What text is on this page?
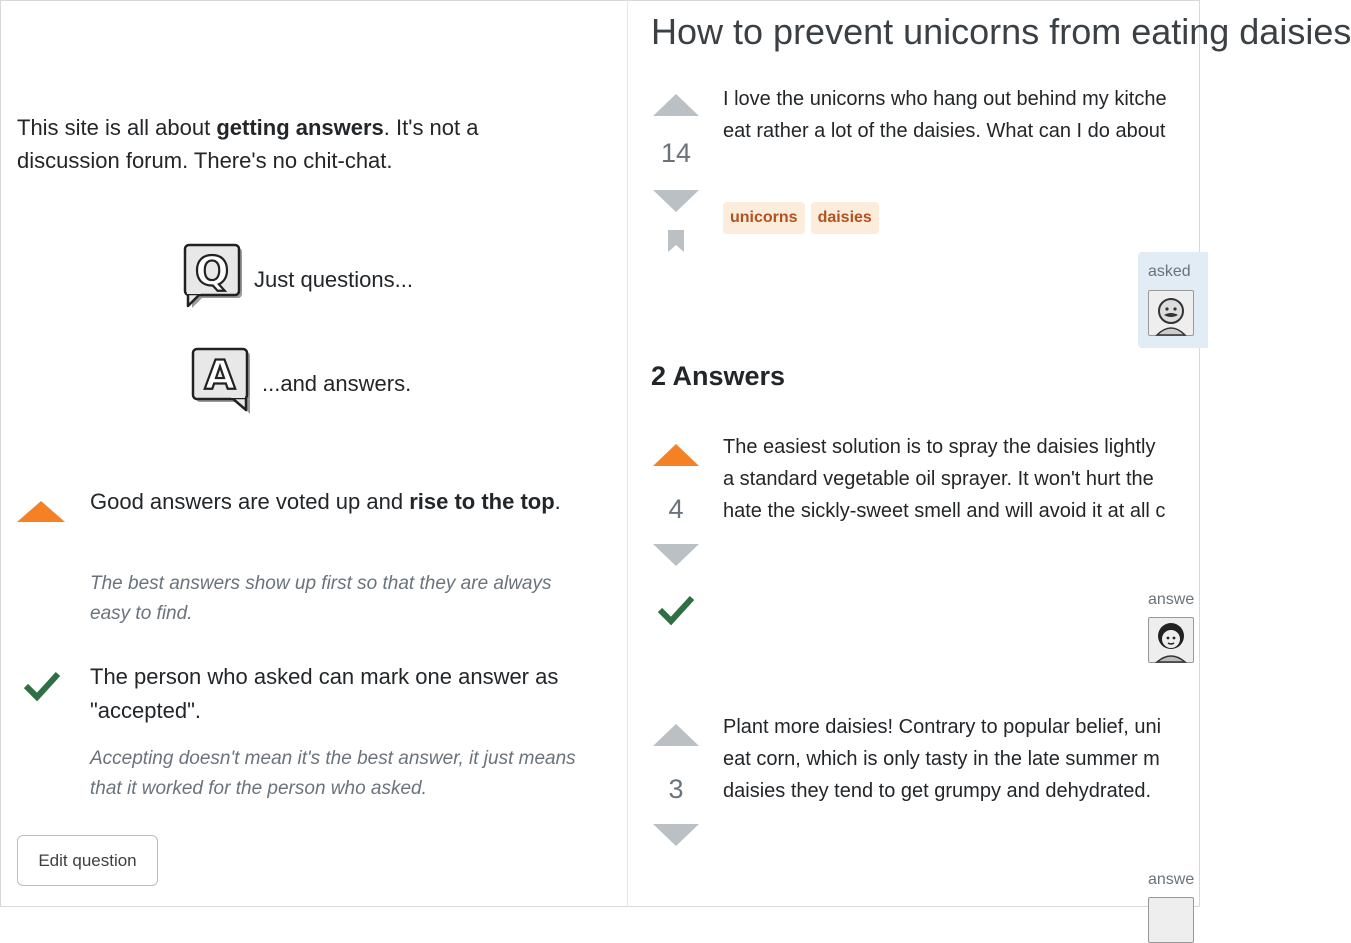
This site is all about getting answers. It's not a discussion forum. There's no chit-chat.
Q Just questions...
A ...and answers.
Good answers are voted up and rise to the top.
The best answers show up first so that they are always easy to find.
The person who asked can mark one answer as "accepted".
Accepting doesn't mean it's the best answer, it just means that it worked for the person who asked.
Edit question
How to prevent unicorns from eating daisies
14
I love the unicorns who hang out behind my kitche
eat rather a lot of the daisies. What can I do about
unicorns	daisies
asked
2 Answers
4
The easiest solution is to spray the daisies lightly
a standard vegetable oil sprayer. It won't hurt the
hate the sickly-sweet smell and will avoid it at all c
answe
3
Plant more daisies! Contrary to popular belief, uni
eat corn, which is only tasty in the late summer m
daisies they tend to get grumpy and dehydrated.
answe
